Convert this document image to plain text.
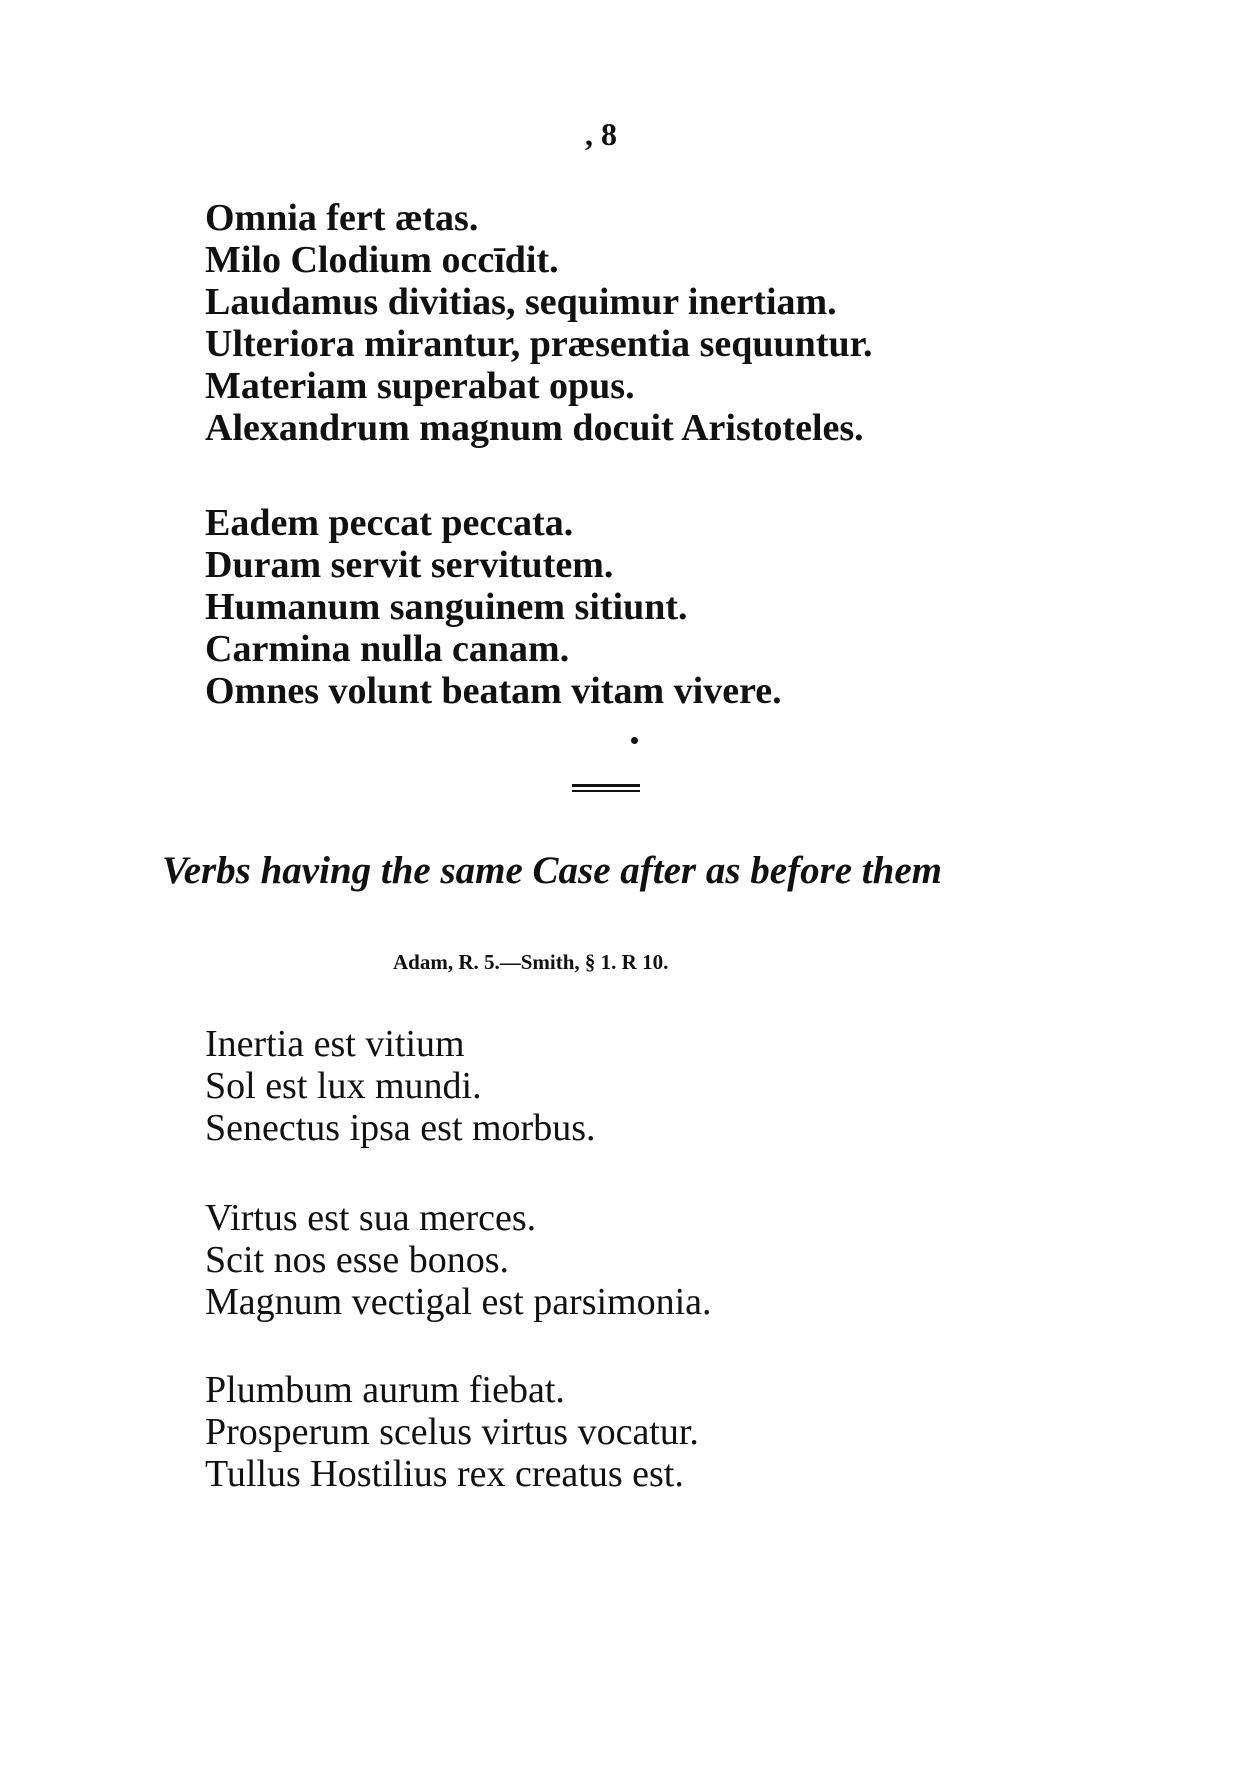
, 8
Omnia fert ætas.
Milo Clodium occīdit.
Laudamus divitias, sequimur inertiam.
Ulteriora mirantur, præsentia sequuntur.
Materiam superabat opus.
Alexandrum magnum docuit Aristoteles.
Eadem peccat peccata.
Duram servit servitutem.
Humanum sanguinem sitiunt.
Carmina nulla canam.
Omnes volunt beatam vitam vivere.
Verbs having the same Case after as before them
Adam, R. 5.—Smith, § 1. R 10.
Inertia est vitium
Sol est lux mundi.
Senectus ipsa est morbus.
Virtus est sua merces.
Scit nos esse bonos.
Magnum vectigal est parsimonia.
Plumbum aurum fiebat.
Prosperum scelus virtus vocatur.
Tullus Hostilius rex creatus est.
